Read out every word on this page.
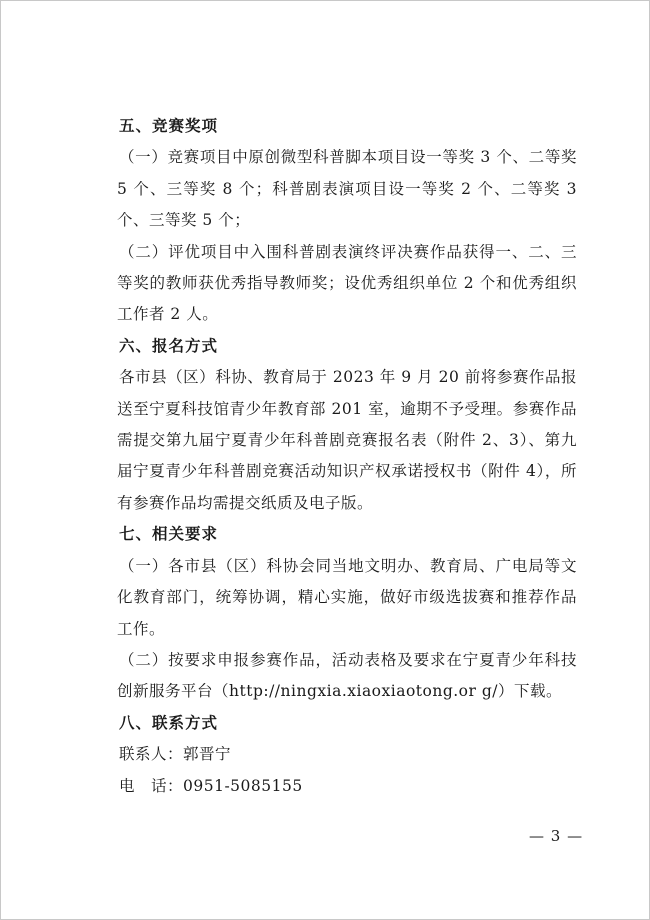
五、竞赛奖项

（一）竞赛项目中原创微型科普脚本项目设一等奖 3 个、二等奖 5 个、三等奖 8 个；科普剧表演项目设一等奖 2 个、二等奖 3 个、三等奖 5 个；

（二）评优项目中入围科普剧表演终评决赛作品获得一、二、三等奖的教师获优秀指导教师奖；设优秀组织单位 2 个和优秀组织工作者 2 人。

六、报名方式

各市县（区）科协、教育局于 2023 年 9 月 20 前将参赛作品报送至宁夏科技馆青少年教育部 201 室，逾期不予受理。参赛作品需提交第九届宁夏青少年科普剧竞赛报名表（附件 2、3）、第九届宁夏青少年科普剧竞赛活动知识产权承诺授权书（附件 4），所有参赛作品均需提交纸质及电子版。

七、相关要求

（一）各市县（区）科协会同当地文明办、教育局、广电局等文化教育部门，统筹协调，精心实施，做好市级选拔赛和推荐作品工作。

（二）按要求申报参赛作品，活动表格及要求在宁夏青少年科技创新服务平台（http://ningxia.xiaoxiaotong.or g/）下载。

八、联系方式

联系人：郭晋宁

电　话：0951-5085155

— 3 —
